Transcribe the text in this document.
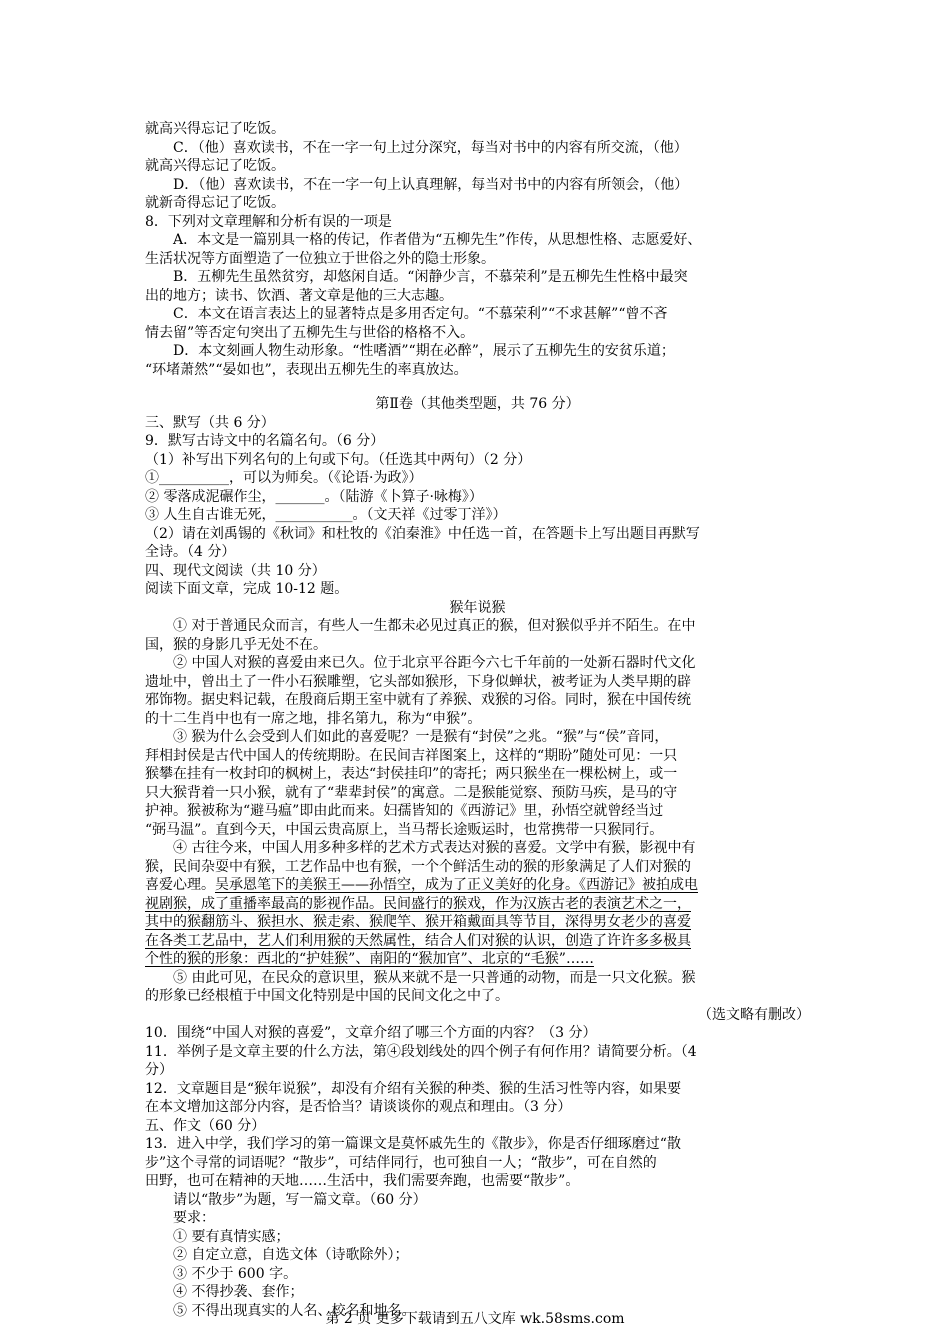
就高兴得忘记了吃饭。

C．（他）喜欢读书，不在一字一句上过分深究，每当对书中的内容有所交流，（他）

就高兴得忘记了吃饭。

D．（他）喜欢读书，不在一字一句上认真理解，每当对书中的内容有所领会，（他）

就新奇得忘记了吃饭。

8．下列对文章理解和分析有误的一项是

A．本文是一篇别具一格的传记，作者借为“五柳先生”作传，从思想性格、志愿爱好、

生活状况等方面塑造了一位独立于世俗之外的隐士形象。

B．五柳先生虽然贫穷，却悠闲自适。“闲静少言，不慕荣利”是五柳先生性格中最突

出的地方；读书、饮酒、著文章是他的三大志趣。

C．本文在语言表达上的显著特点是多用否定句。“不慕荣利”“不求甚解”“曾不吝

情去留”等否定句突出了五柳先生与世俗的格格不入。

D．本文刻画人物生动形象。“性嗜酒”“期在必醉”，展示了五柳先生的安贫乐道；

“环堵萧然”“晏如也”，表现出五柳先生的率真放达。

第Ⅱ卷（其他类型题，共 76 分）

三、默写（共 6 分）

9．默写古诗文中的名篇名句。（6 分）

（1）补写出下列名句的上句或下句。（任选其中两句）（2 分）

①__________，可以为师矣。（《论语·为政》）

② 零落成泥碾作尘，_______。（陆游《卜算子·咏梅》）

③ 人生自古谁无死，___________。（文天祥《过零丁洋》）

（2）请在刘禹锡的《秋词》和杜牧的《泊秦淮》中任选一首，在答题卡上写出题目再默写

全诗。（4 分）

四、现代文阅读（共 10 分）

阅读下面文章，完成 10-12 题。

猴年说猴

① 对于普通民众而言，有些人一生都未必见过真正的猴，但对猴似乎并不陌生。在中

国，猴的身影几乎无处不在。

② 中国人对猴的喜爱由来已久。位于北京平谷距今六七千年前的一处新石器时代文化

遗址中，曾出土了一件小石猴雕塑，它头部如猴形，下身似蝉状，被考证为人类早期的辟

邪饰物。据史料记载，在殷商后期王室中就有了养猴、戏猴的习俗。同时，猴在中国传统

的十二生肖中也有一席之地，排名第九，称为“申猴”。

③ 猴为什么会受到人们如此的喜爱呢？一是猴有“封侯”之兆。“猴”与“侯”音同，

拜相封侯是古代中国人的传统期盼。在民间吉祥图案上，这样的“期盼”随处可见：一只

猴攀在挂有一枚封印的枫树上，表达“封侯挂印”的寄托；两只猴坐在一棵松树上，或一

只大猴背着一只小猴，就有了“辈辈封侯”的寓意。二是猴能觉察、预防马疾，是马的守

护神。猴被称为“避马瘟”即由此而来。妇孺皆知的《西游记》里，孙悟空就曾经当过

“弼马温”。直到今天，中国云贵高原上，当马帮长途贩运时，也常携带一只猴同行。

④ 古往今来，中国人用多种多样的艺术方式表达对猴的喜爱。文学中有猴，影视中有

猴，民间杂耍中有猴，工艺作品中也有猴，一个个鲜活生动的猴的形象满足了人们对猴的

喜爱心理。吴承恩笔下的美猴王——孙悟空，成为了正义美好的化身。《西游记》被拍成电

视剧猴，成了重播率最高的影视作品。民间盛行的猴戏，作为汉族古老的表演艺术之一，

其中的猴翻筋斗、猴担水、猴走索、猴爬竿、猴开箱戴面具等节目，深得男女老少的喜爱

在各类工艺品中，艺人们利用猴的天然属性，结合人们对猴的认识，创造了许许多多极具

个性的猴的形象：西北的“护娃猴”、南阳的“猴加官”、北京的“毛猴”……

⑤ 由此可见，在民众的意识里，猴从来就不是一只普通的动物，而是一只文化猴。猴

的形象已经根植于中国文化特别是中国的民间文化之中了。

（选文略有删改）

10．围绕“中国人对猴的喜爱”，文章介绍了哪三个方面的内容？（3 分）

11．举例子是文章主要的什么方法，第④段划线处的四个例子有何作用？请简要分析。（4

分）

12．文章题目是“猴年说猴”，却没有介绍有关猴的种类、猴的生活习性等内容，如果要

在本文增加这部分内容，是否恰当？请谈谈你的观点和理由。（3 分）

五、作文（60 分）

13．进入中学，我们学习的第一篇课文是莫怀戚先生的《散步》，你是否仔细琢磨过“散

步”这个寻常的词语呢？“散步”，可结伴同行，也可独自一人；“散步”，可在自然的

田野，也可在精神的天地……生活中，我们需要奔跑，也需要“散步”。

请以“散步”为题，写一篇文章。（60 分）

要求：

① 要有真情实感；

② 自定立意，自选文体（诗歌除外）；

③ 不少于 600 字。

④ 不得抄袭、套作；

⑤ 不得出现真实的人名、校名和地名。

第 2 页 更多下载请到五八文库 wk.58sms.com
